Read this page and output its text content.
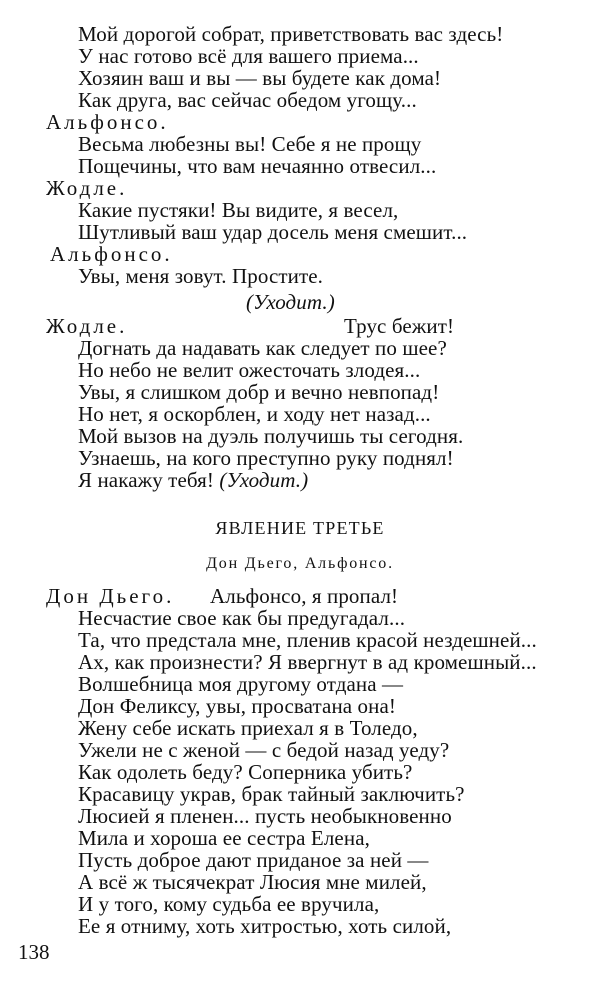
Мой дорогой собрат, приветствовать вас здесь!
У нас готово всё для вашего приема...
Хозяин ваш и вы — вы будете как дома!
Как друга, вас сейчас обедом угощу...
Альфонсо.
Весьма любезны вы! Себе я не прощу
Пощечины, что вам нечаянно отвесил...
Жодле.
Какие пустяки! Вы видите, я весел,
Шутливый ваш удар досель меня смешит...
Альфонсо.
Увы, меня зовут. Простите.
(Уходит.)
Жодле.	Трус бежит!
Догнать да надавать как следует по шее?
Но небо не велит ожесточать злодея...
Увы, я слишком добр и вечно невпопад!
Но нет, я оскорблен, и ходу нет назад...
Мой вызов на дуэль получишь ты сегодня.
Узнаешь, на кого преступно руку поднял!
Я накажу тебя! (Уходит.)
ЯВЛЕНИЕ ТРЕТЬЕ
Дон Дьего, Альфонсо.
Дон Дьего. Альфонсо, я пропал!
Несчастие свое как бы предугадал...
Та, что предстала мне, пленив красой нездешней...
Ах, как произнести? Я ввергнут в ад кромешный...
Волшебница моя другому отдана —
Дон Феликсу, увы, просватана она!
Жену себе искать приехал я в Толедо,
Ужели не с женой — с бедой назад уеду?
Как одолеть беду? Соперника убить?
Красавицу украв, брак тайный заключить?
Люсией я пленен... пусть необыкновенно
Мила и хороша ее сестра Елена,
Пусть доброе дают приданое за ней —
А всё ж тысячекрат Люсия мне милей,
И у того, кому судьба ее вручила,
Ее я отниму, хоть хитростью, хоть силой,
138
